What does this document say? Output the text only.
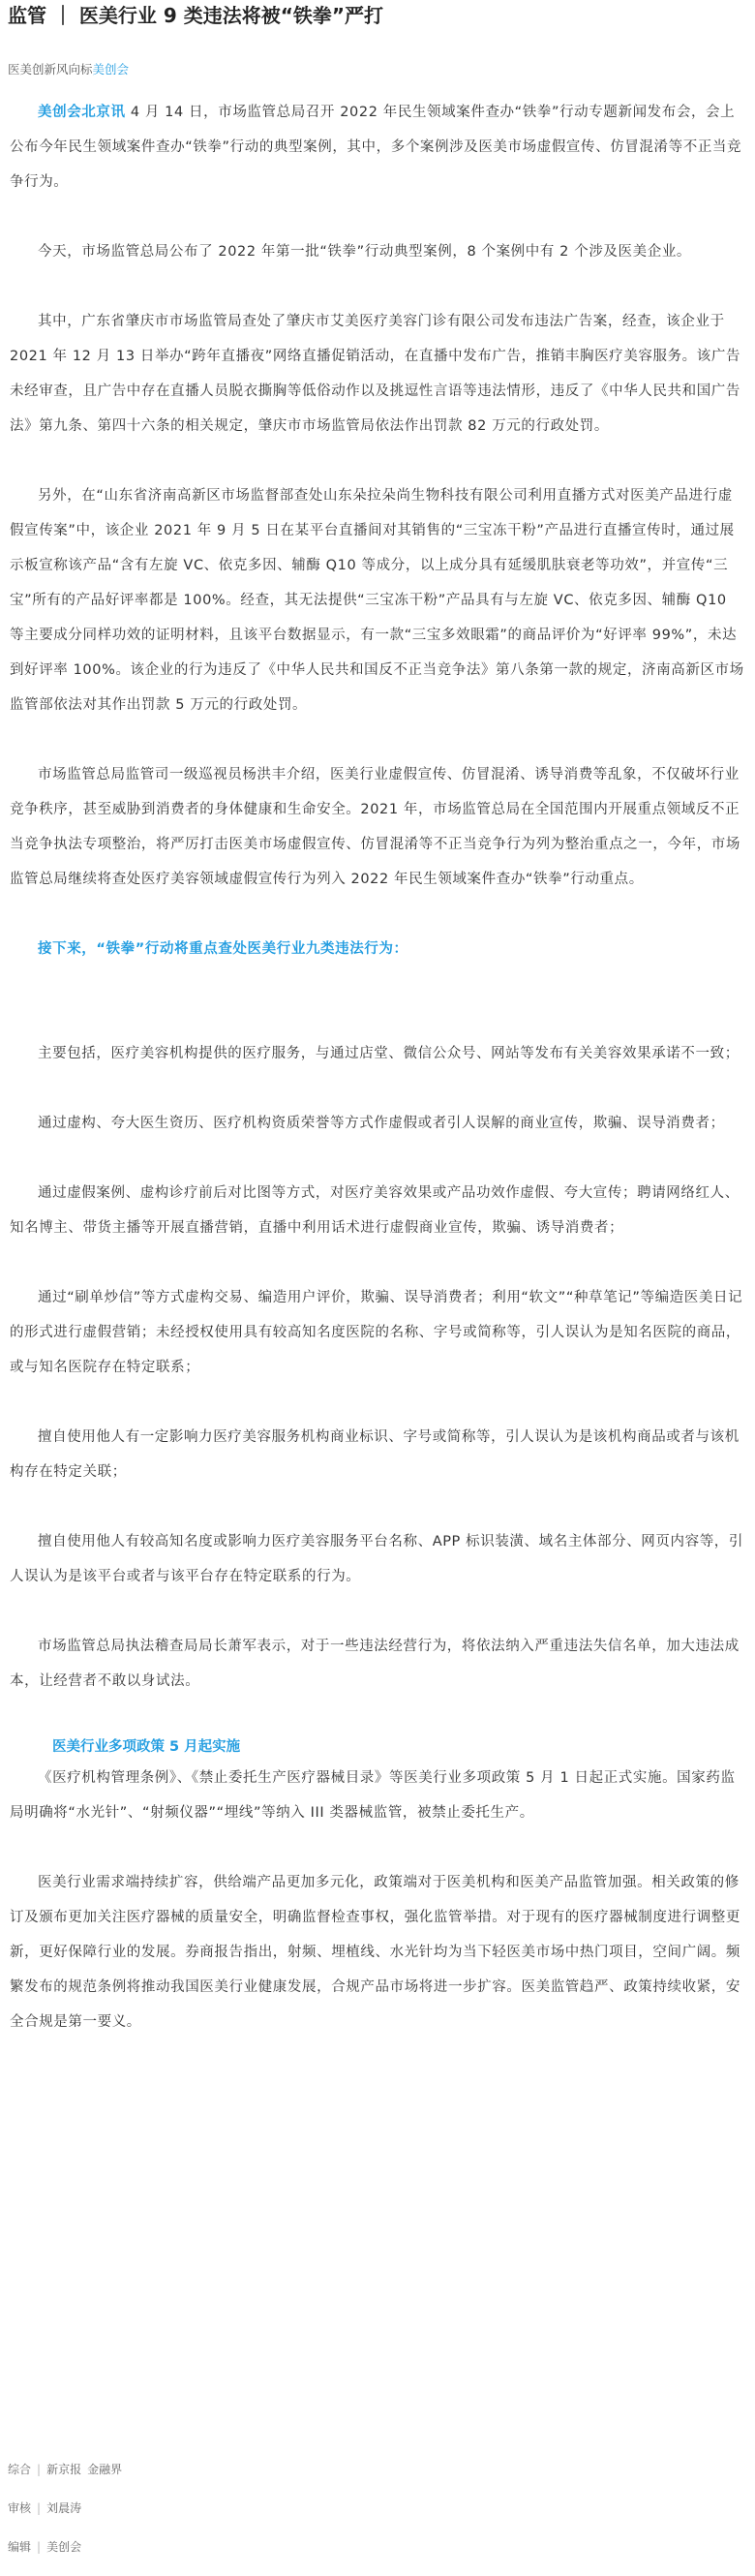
监管 ｜ 医美行业 9 类违法将被“铁拳”严打
医美创新风向标美创会

美创会北京讯 4 月 14 日，市场监管总局召开 2022 年民生领域案件查办“铁拳”行动专题新闻发布会，会上公布今年民生领域案件查办“铁拳”行动的典型案例，其中，多个案例涉及医美市场虚假宣传、仿冒混淆等不正当竞争行为。

今天，市场监管总局公布了 2022 年第一批“铁拳”行动典型案例，8 个案例中有 2 个涉及医美企业。

其中，广东省肇庆市市场监管局查处了肇庆市艾美医疗美容门诊有限公司发布违法广告案，经查，该企业于 2021 年 12 月 13 日举办“跨年直播夜”网络直播促销活动，在直播中发布广告，推销丰胸医疗美容服务。该广告未经审查，且广告中存在直播人员脱衣撕胸等低俗动作以及挑逗性言语等违法情形，违反了《中华人民共和国广告法》第九条、第四十六条的相关规定，肇庆市市场监管局依法作出罚款 82 万元的行政处罚。

另外，在“山东省济南高新区市场监督部查处山东朵拉朵尚生物科技有限公司利用直播方式对医美产品进行虚假宣传案”中，该企业 2021 年 9 月 5 日在某平台直播间对其销售的“三宝冻干粉”产品进行直播宣传时，通过展示板宣称该产品“含有左旋 VC、依克多因、辅酶 Q10 等成分，以上成分具有延缓肌肤衰老等功效”，并宣传“三宝”所有的产品好评率都是 100%。经查，其无法提供“三宝冻干粉”产品具有与左旋 VC、依克多因、辅酶 Q10 等主要成分同样功效的证明材料，且该平台数据显示，有一款“三宝多效眼霜”的商品评价为“好评率 99%”，未达到好评率 100%。该企业的行为违反了《中华人民共和国反不正当竞争法》第八条第一款的规定，济南高新区市场监管部依法对其作出罚款 5 万元的行政处罚。

市场监管总局监管司一级巡视员杨洪丰介绍，医美行业虚假宣传、仿冒混淆、诱导消费等乱象，不仅破坏行业竞争秩序，甚至威胁到消费者的身体健康和生命安全。2021 年，市场监管总局在全国范围内开展重点领域反不正当竞争执法专项整治，将严厉打击医美市场虚假宣传、仿冒混淆等不正当竞争行为列为整治重点之一，今年，市场监管总局继续将查处医疗美容领域虚假宣传行为列入 2022 年民生领域案件查办“铁拳”行动重点。

接下来，“铁拳”行动将重点查处医美行业九类违法行为：

主要包括，医疗美容机构提供的医疗服务，与通过店堂、微信公众号、网站等发布有关美容效果承诺不一致；

通过虚构、夸大医生资历、医疗机构资质荣誉等方式作虚假或者引人误解的商业宣传，欺骗、误导消费者；

通过虚假案例、虚构诊疗前后对比图等方式，对医疗美容效果或产品功效作虚假、夸大宣传；聘请网络红人、知名博主、带货主播等开展直播营销，直播中利用话术进行虚假商业宣传，欺骗、诱导消费者；

通过“刷单炒信”等方式虚构交易、编造用户评价，欺骗、误导消费者；利用“软文”“种草笔记”等编造医美日记的形式进行虚假营销；未经授权使用具有较高知名度医院的名称、字号或简称等，引人误认为是知名医院的商品，或与知名医院存在特定联系；

擅自使用他人有一定影响力医疗美容服务机构商业标识、字号或简称等，引人误认为是该机构商品或者与该机构存在特定关联；

擅自使用他人有较高知名度或影响力医疗美容服务平台名称、APP 标识装潢、域名主体部分、网页内容等，引人误认为是该平台或者与该平台存在特定联系的行为。

市场监管总局执法稽查局局长萧军表示，对于一些违法经营行为，将依法纳入严重违法失信名单，加大违法成本，让经营者不敢以身试法。

医美行业多项政策 5 月起实施

《医疗机构管理条例》、《禁止委托生产医疗器械目录》等医美行业多项政策 5 月 1 日起正式实施。国家药监局明确将“水光针”、“射频仪器”“埋线”等纳入 III 类器械监管，被禁止委托生产。

医美行业需求端持续扩容，供给端产品更加多元化，政策端对于医美机构和医美产品监管加强。相关政策的修订及颁布更加关注医疗器械的质量安全，明确监督检查事权，强化监管举措。对于现有的医疗器械制度进行调整更新，更好保障行业的发展。券商报告指出，射频、埋植线、水光针均为当下轻医美市场中热门项目，空间广阔。频繁发布的规范条例将推动我国医美行业健康发展，合规产品市场将进一步扩容。医美监管趋严、政策持续收紧，安全合规是第一要义。

综合 | 新京报 金融界
审核 | 刘晨涛
编辑 | 美创会
